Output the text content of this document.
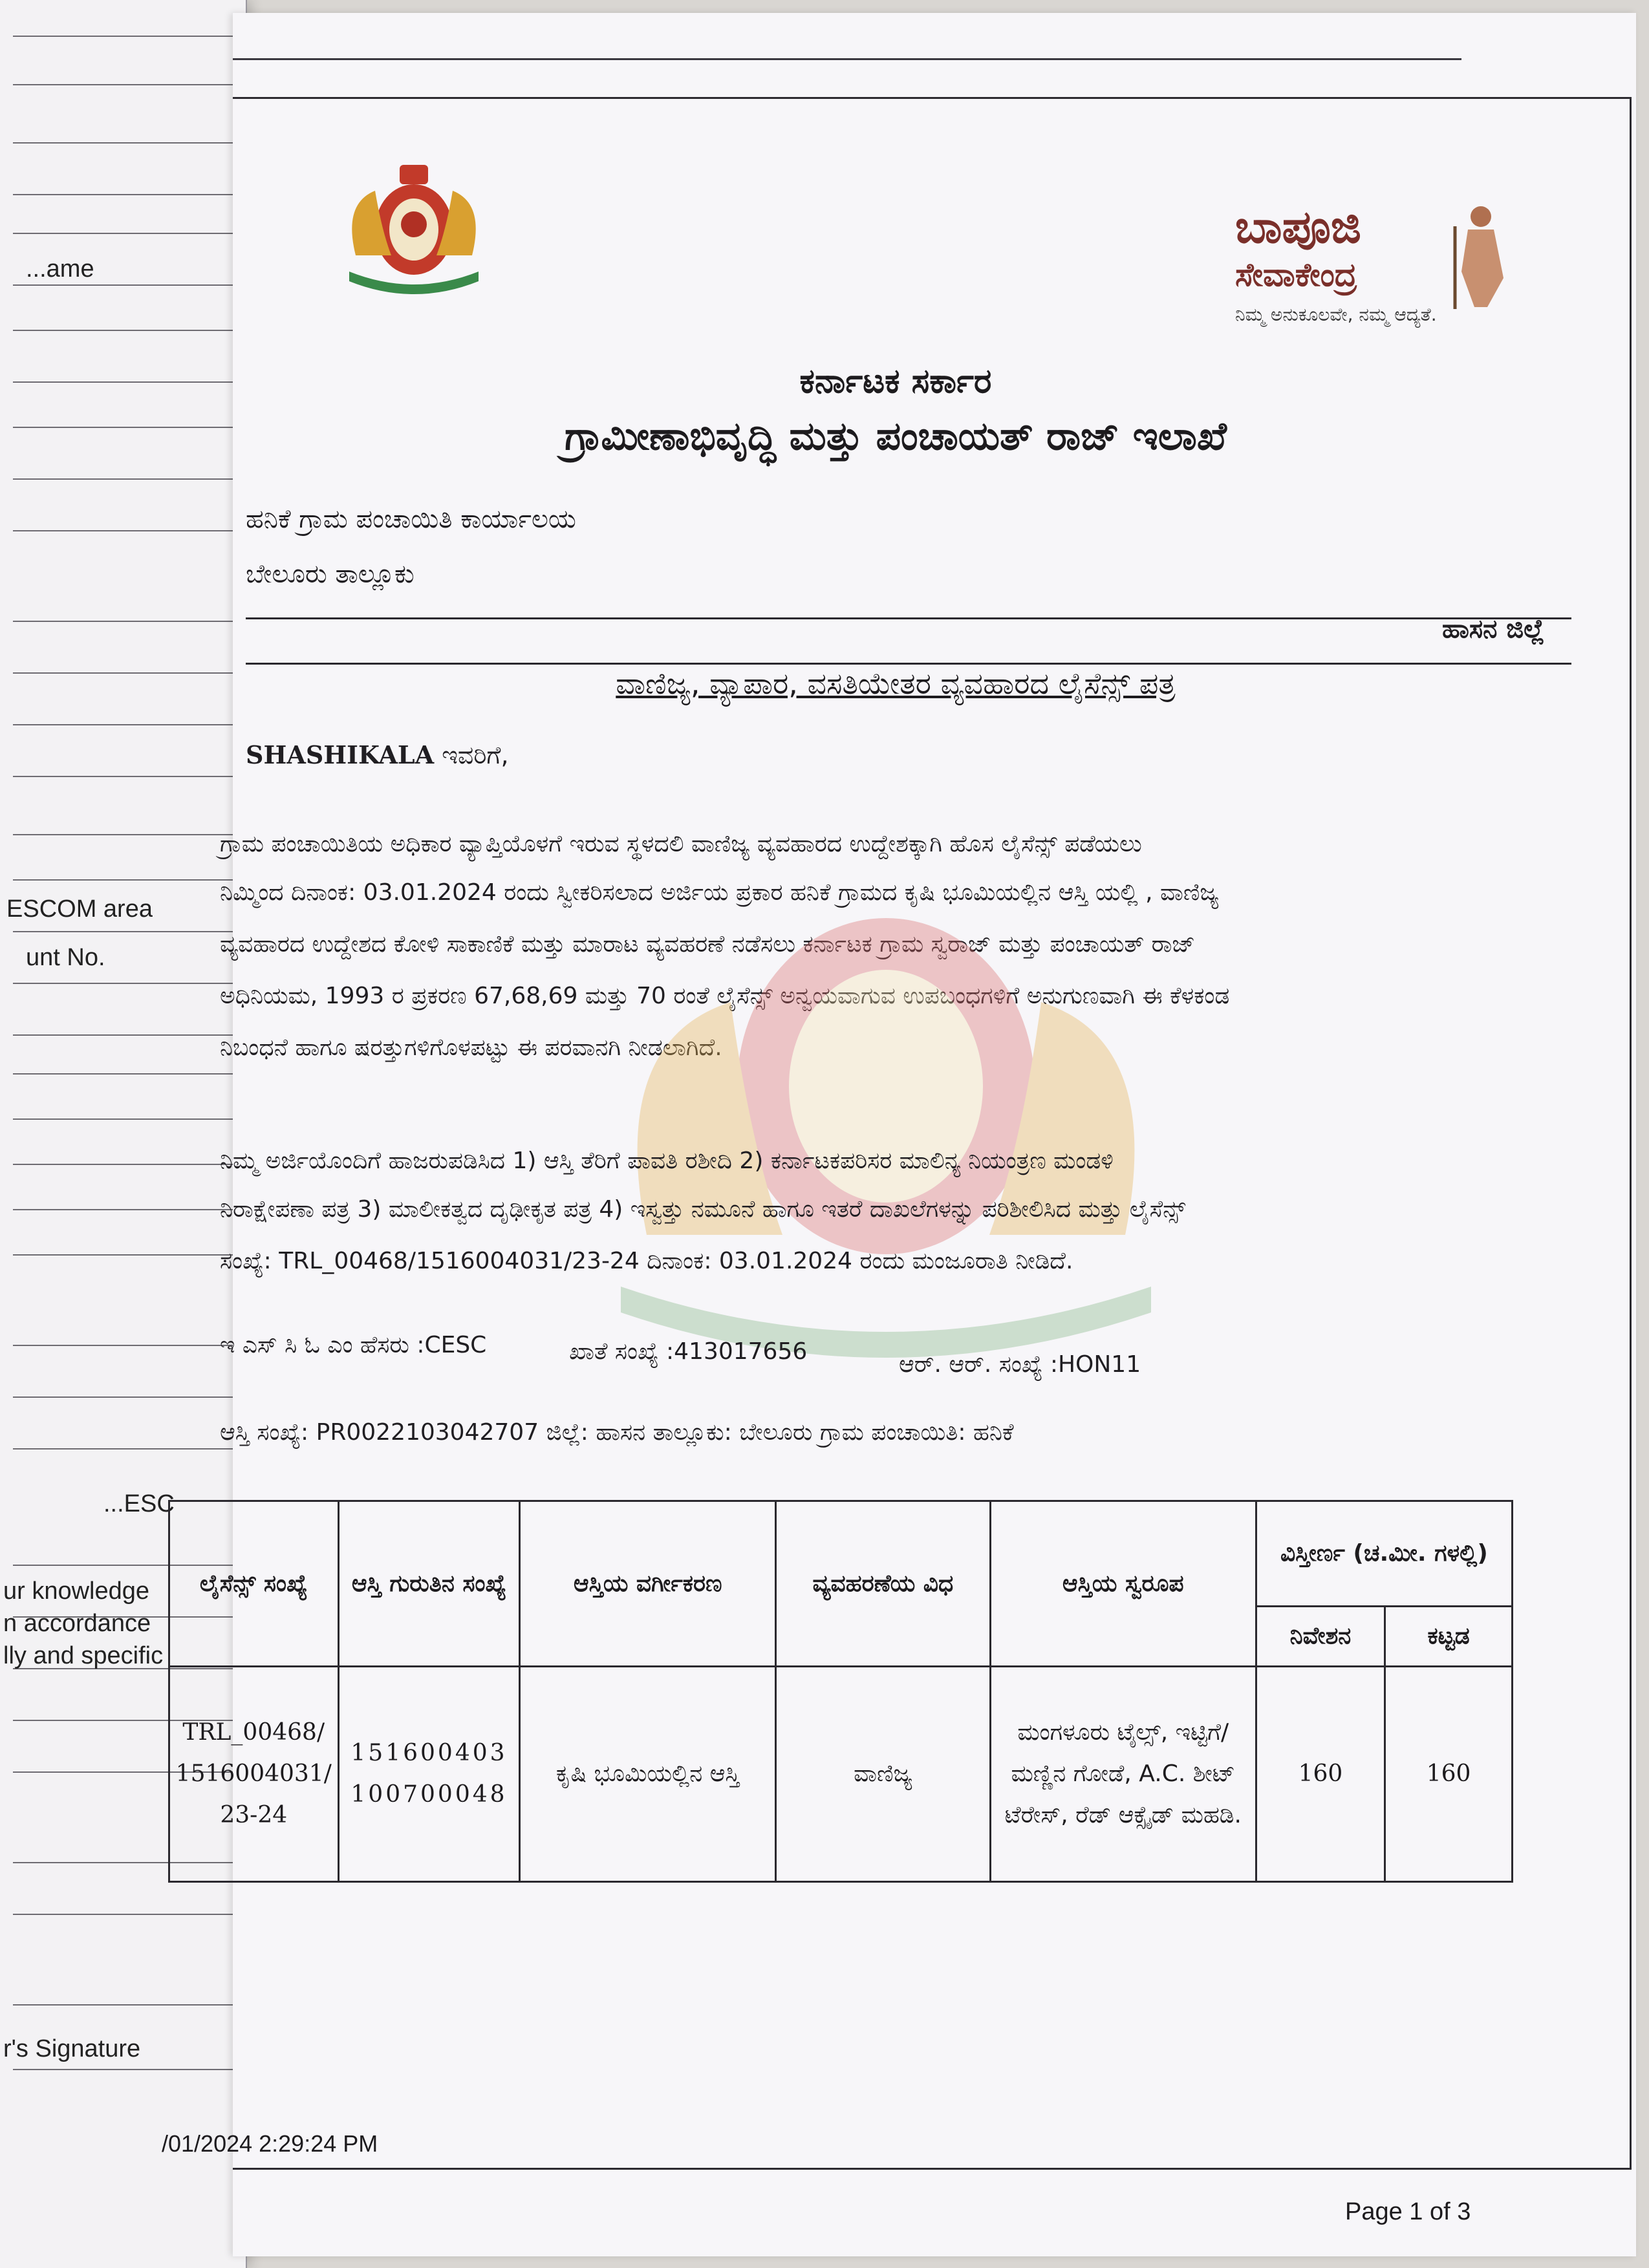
...ame
ESCOM area
unt No.
...ESC
ur knowledge
n accordance
lly and specific
r's Signature
ಬಾಪೂಜಿ
ಸೇವಾಕೇಂದ್ರ
ನಿಮ್ಮ ಅನುಕೂಲವೇ, ನಮ್ಮ ಆದ್ಯತೆ.
ಕರ್ನಾಟಕ ಸರ್ಕಾರ
ಗ್ರಾಮೀಣಾಭಿವೃದ್ಧಿ ಮತ್ತು ಪಂಚಾಯತ್ ರಾಜ್ ಇಲಾಖೆ
ಹನಿಕೆ ಗ್ರಾಮ ಪಂಚಾಯಿತಿ ಕಾರ್ಯಾಲಯ
ಬೇಲೂರು ತಾಲ್ಲೂಕು
ಹಾಸನ ಜಿಲ್ಲೆ
ವಾಣಿಜ್ಯ, ವ್ಯಾಪಾರ, ವಸತಿಯೇತರ ವ್ಯವಹಾರದ ಲೈಸೆನ್ಸ್ ಪತ್ರ
SHASHIKALA ಇವರಿಗೆ,
ಗ್ರಾಮ ಪಂಚಾಯಿತಿಯ ಅಧಿಕಾರ ವ್ಯಾಪ್ತಿಯೊಳಗೆ ಇರುವ ಸ್ಥಳದಲಿ ವಾಣಿಜ್ಯ ವ್ಯವಹಾರದ ಉದ್ದೇಶಕ್ಕಾಗಿ ಹೊಸ ಲೈಸೆನ್ಸ್ ಪಡೆಯಲು
ನಿಮ್ಮಿಂದ ದಿನಾಂಕ: 03.01.2024 ರಂದು ಸ್ವೀಕರಿಸಲಾದ ಅರ್ಜಿಯ ಪ್ರಕಾರ ಹನಿಕೆ ಗ್ರಾಮದ ಕೃಷಿ ಭೂಮಿಯಲ್ಲಿನ ಆಸ್ತಿ ಯಲ್ಲಿ , ವಾಣಿಜ್ಯ
ವ್ಯವಹಾರದ ಉದ್ದೇಶದ ಕೋಳಿ ಸಾಕಾಣಿಕೆ ಮತ್ತು ಮಾರಾಟ ವ್ಯವಹರಣೆ ನಡೆಸಲು ಕರ್ನಾಟಕ ಗ್ರಾಮ ಸ್ವರಾಜ್ ಮತ್ತು ಪಂಚಾಯತ್ ರಾಜ್
ಅಧಿನಿಯಮ, 1993 ರ ಪ್ರಕರಣ 67,68,69 ಮತ್ತು 70 ರಂತೆ ಲೈಸೆನ್ಸ್ ಅನ್ವಯವಾಗುವ ಉಪಬಂಧಗಳಿಗೆ ಅನುಗುಣವಾಗಿ ಈ ಕೆಳಕಂಡ
ನಿಬಂಧನೆ ಹಾಗೂ ಷರತ್ತುಗಳಿಗೊಳಪಟ್ಟು ಈ ಪರವಾನಗಿ ನೀಡಲಾಗಿದೆ.
ನಿಮ್ಮ ಅರ್ಜಿಯೊಂದಿಗೆ ಹಾಜರುಪಡಿಸಿದ 1) ಆಸ್ತಿ ತೆರಿಗೆ ಪಾವತಿ ರಶೀದಿ 2) ಕರ್ನಾಟಕಪರಿಸರ ಮಾಲಿನ್ಯ ನಿಯಂತ್ರಣ ಮಂಡಳಿ
ನಿರಾಕ್ಷೇಪಣಾ ಪತ್ರ 3) ಮಾಲೀಕತ್ವದ ದೃಢೀಕೃತ ಪತ್ರ 4) ಇಸ್ವತ್ತು ನಮೂನೆ ಹಾಗೂ ಇತರೆ ದಾಖಲೆಗಳನ್ನು ಪರಿಶೀಲಿಸಿದ ಮತ್ತು ಲೈಸೆನ್ಸ್
ಸಂಖ್ಯೆ: TRL_00468/1516004031/23-24 ದಿನಾಂಕ: 03.01.2024 ರಂದು ಮಂಜೂರಾತಿ ನೀಡಿದೆ.
ಇ ಎಸ್ ಸಿ ಓ ಎಂ ಹೆಸರು :CESC	ಖಾತೆ ಸಂಖ್ಯೆ :413017656	ಆರ್. ಆರ್. ಸಂಖ್ಯೆ :HON11
ಆಸ್ತಿ ಸಂಖ್ಯೆ: PR0022103042707 ಜಿಲ್ಲೆ: ಹಾಸನ ತಾಲ್ಲೂಕು: ಬೇಲೂರು ಗ್ರಾಮ ಪಂಚಾಯಿತಿ: ಹನಿಕೆ
ಲೈಸೆನ್ಸ್ ಸಂಖ್ಯೆ	ಆಸ್ತಿ ಗುರುತಿನ ಸಂಖ್ಯೆ	ಆಸ್ತಿಯ ವರ್ಗೀಕರಣ	ವ್ಯವಹರಣೆಯ ವಿಧ	ಆಸ್ತಿಯ ಸ್ವರೂಪ	ವಿಸ್ತೀರ್ಣ (ಚ.ಮೀ. ಗಳಲ್ಲಿ)	
					ನಿವೇಶನ	ಕಟ್ಟಡ
TRL_00468/1516004031/23-24	151600403100700048	ಕೃಷಿ ಭೂಮಿಯಲ್ಲಿನ ಆಸ್ತಿ	ವಾಣಿಜ್ಯ	ಮಂಗಳೂರು ಟೈಲ್ಸ್, ಇಟ್ಟಿಗೆ/ ಮಣ್ಣಿನ ಗೋಡೆ, A.C. ಶೀಟ್ ಟೆರೇಸ್, ರೆಡ್ ಆಕ್ಸೈಡ್ ಮಹಡಿ.	160	160
/01/2024 2:29:24 PM
Page 1 of 3
